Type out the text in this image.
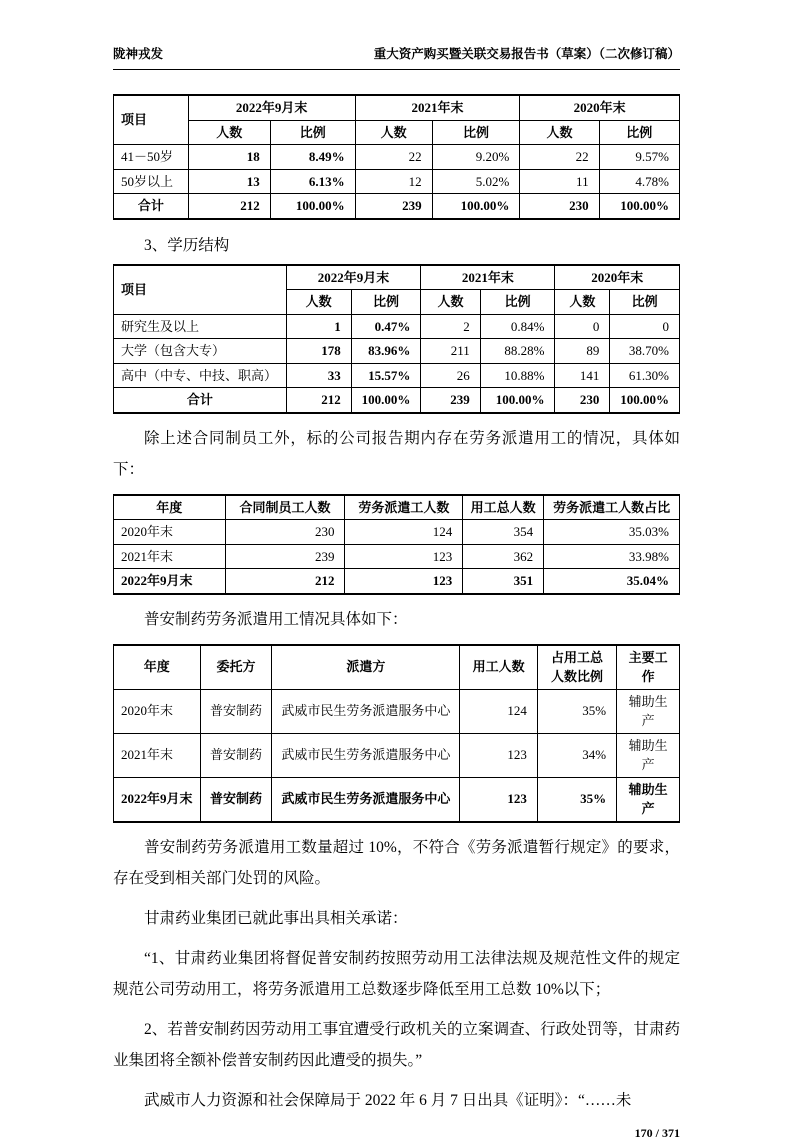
陇神戎发	重大资产购买暨关联交易报告书（草案）（二次修订稿）
项目	2022年9月末		2021年末		2020年末	
	人数	比例	人数	比例	人数	比例
41－50岁	18	8.49%	22	9.20%	22	9.57%
50岁以上	13	6.13%	12	5.02%	11	4.78%
合计	212	100.00%	239	100.00%	230	100.00%
3、学历结构
项目	2022年9月末		2021年末		2020年末	
	人数	比例	人数	比例	人数	比例
研究生及以上	1	0.47%	2	0.84%	0	0
大学（包含大专）	178	83.96%	211	88.28%	89	38.70%
高中（中专、中技、职高）	33	15.57%	26	10.88%	141	61.30%
合计	212	100.00%	239	100.00%	230	100.00%

除上述合同制员工外，标的公司报告期内存在劳务派遣用工的情况，具体如下：

年度	合同制员工人数	劳务派遣工人数	用工总人数	劳务派遣工人数占比
2020年末	230	124	354	35.03%
2021年末	239	123	362	33.98%
2022年9月末	212	123	351	35.04%

普安制药劳务派遣用工情况具体如下：

年度	委托方	派遣方	用工人数	占用工总人数比例	主要工作
2020年末	普安制药	武威市民生劳务派遣服务中心	124	35%	辅助生产
2021年末	普安制药	武威市民生劳务派遣服务中心	123	34%	辅助生产
2022年9月末	普安制药	武威市民生劳务派遣服务中心	123	35%	辅助生产

普安制药劳务派遣用工数量超过 10%，不符合《劳务派遣暂行规定》的要求，存在受到相关部门处罚的风险。

甘肃药业集团已就此事出具相关承诺：

“1、甘肃药业集团将督促普安制药按照劳动用工法律法规及规范性文件的规定规范公司劳动用工，将劳务派遣用工总数逐步降低至用工总数 10%以下；

2、若普安制药因劳动用工事宜遭受行政机关的立案调查、行政处罚等，甘肃药业集团将全额补偿普安制药因此遭受的损失。”

武威市人力资源和社会保障局于 2022 年 6 月 7 日出具《证明》：“……未

170 / 371
